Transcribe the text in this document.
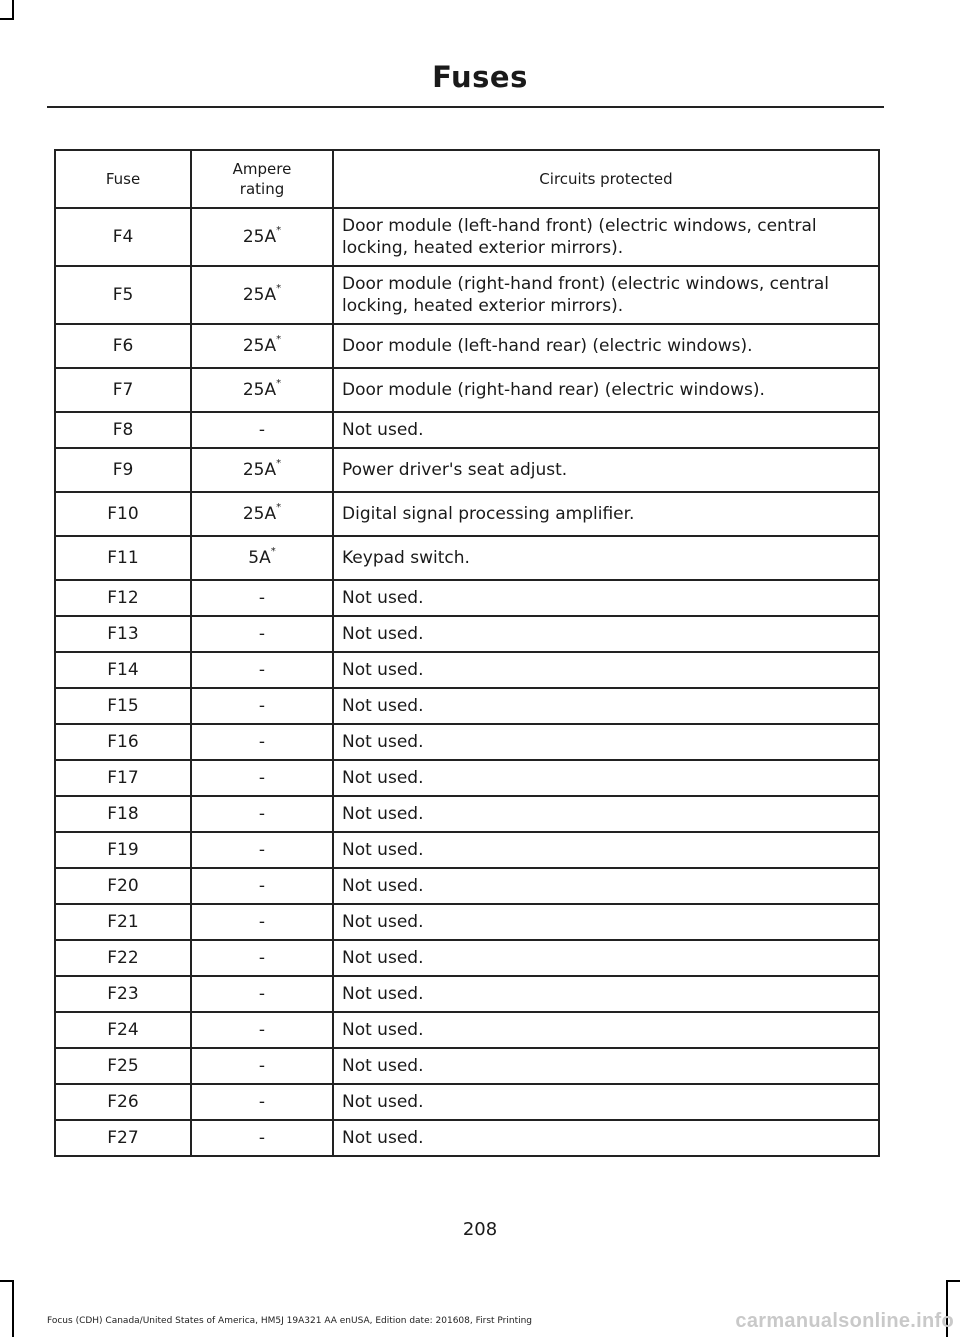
Fuses
Fuse	Ampere rating	Circuits protected
F4	25A*	Door module (left-hand front) (electric windows, central locking, heated exterior mirrors).
F5	25A*	Door module (right-hand front) (electric windows, central locking, heated exterior mirrors).
F6	25A*	Door module (left-hand rear) (electric windows).
F7	25A*	Door module (right-hand rear) (electric windows).
F8	-	Not used.
F9	25A*	Power driver's seat adjust.
F10	25A*	Digital signal processing amplifier.
F11	5A*	Keypad switch.
F12	-	Not used.
F13	-	Not used.
F14	-	Not used.
F15	-	Not used.
F16	-	Not used.
F17	-	Not used.
F18	-	Not used.
F19	-	Not used.
F20	-	Not used.
F21	-	Not used.
F22	-	Not used.
F23	-	Not used.
F24	-	Not used.
F25	-	Not used.
F26	-	Not used.
F27	-	Not used.
208
Focus (CDH) Canada/United States of America, HM5J 19A321 AA enUSA, Edition date: 201608, First Printing	carmanualsonline.info
